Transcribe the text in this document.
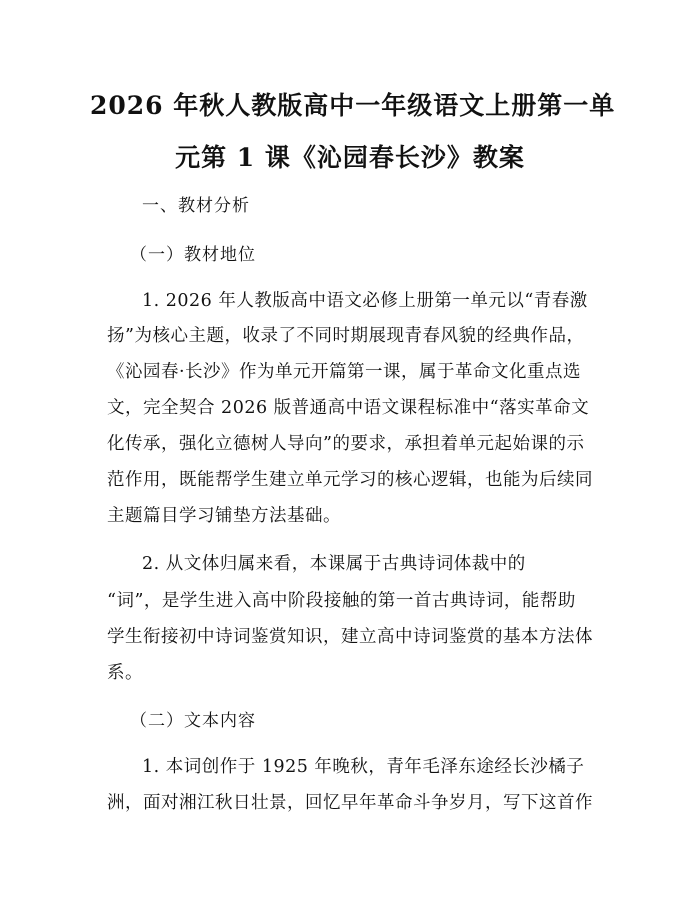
2026 年秋人教版高中一年级语文上册第一单
元第 1 课《沁园春长沙》教案
一、教材分析
（一）教材地位
1. 2026 年人教版高中语文必修上册第一单元以“青春激
扬”为核心主题，收录了不同时期展现青春风貌的经典作品，
《沁园春·长沙》作为单元开篇第一课，属于革命文化重点选
文，完全契合 2026 版普通高中语文课程标准中“落实革命文
化传承，强化立德树人导向”的要求，承担着单元起始课的示
范作用，既能帮学生建立单元学习的核心逻辑，也能为后续同
主题篇目学习铺垫方法基础。
2. 从文体归属来看，本课属于古典诗词体裁中的
“词”，是学生进入高中阶段接触的第一首古典诗词，能帮助
学生衔接初中诗词鉴赏知识，建立高中诗词鉴赏的基本方法体
系。
（二）文本内容
1. 本词创作于 1925 年晚秋，青年毛泽东途经长沙橘子
洲，面对湘江秋日壮景，回忆早年革命斗争岁月，写下这首作
